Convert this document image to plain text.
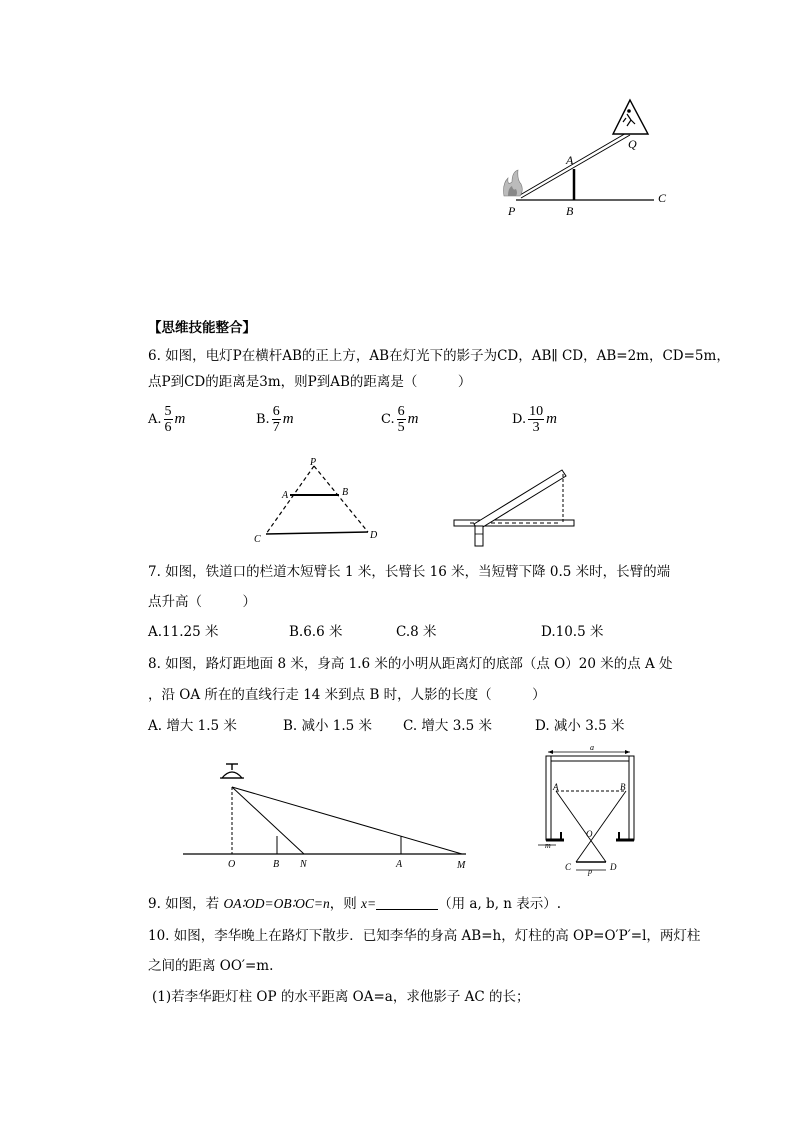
A
P	B
C
Q
【思维技能整合】
6. 如图，电灯P在横杆AB的正上方，AB在灯光下的影子为CD，AB∥ CD，AB=2m，CD=5m，
点P到CD的距离是3m，则P到AB的距离是（　　　）
A.
5
6
m	B.
6
7
m	C.
6
5
m	D.
10
3
m
P
A	B
C	D
7. 如图，铁道口的栏道木短臂长 1 米，长臂长 16 米，当短臂下降 0.5 米时，长臂的端
点升高（　　　）
A.11.25 米	B.6.6 米	C.8 米	D.10.5 米
8. 如图，路灯距地面 8 米，身高 1.6 米的小明从距离灯的底部（点 O）20 米的点 A 处
，沿 OA 所在的直线行走 14 米到点 B 时，人影的长度（　　　）
A. 增大 1.5 米	B. 减小 1.5 米 C. 增大 3.5 米	D. 减小 3.5 米
O	B N	A	M
a
p
m
A	B
O
C	D
9. 如图，若 OA∶OD=OB∶OC=n，则 x=	（用 a, b, n 表示）.
10. 如图，李华晚上在路灯下散步．已知李华的身高 AB=h，灯柱的高 OP=O′P′=l，两灯柱
之间的距离 OO′=m.
(1)若李华距灯柱 OP 的水平距离 OA=a，求他影子 AC 的长；
